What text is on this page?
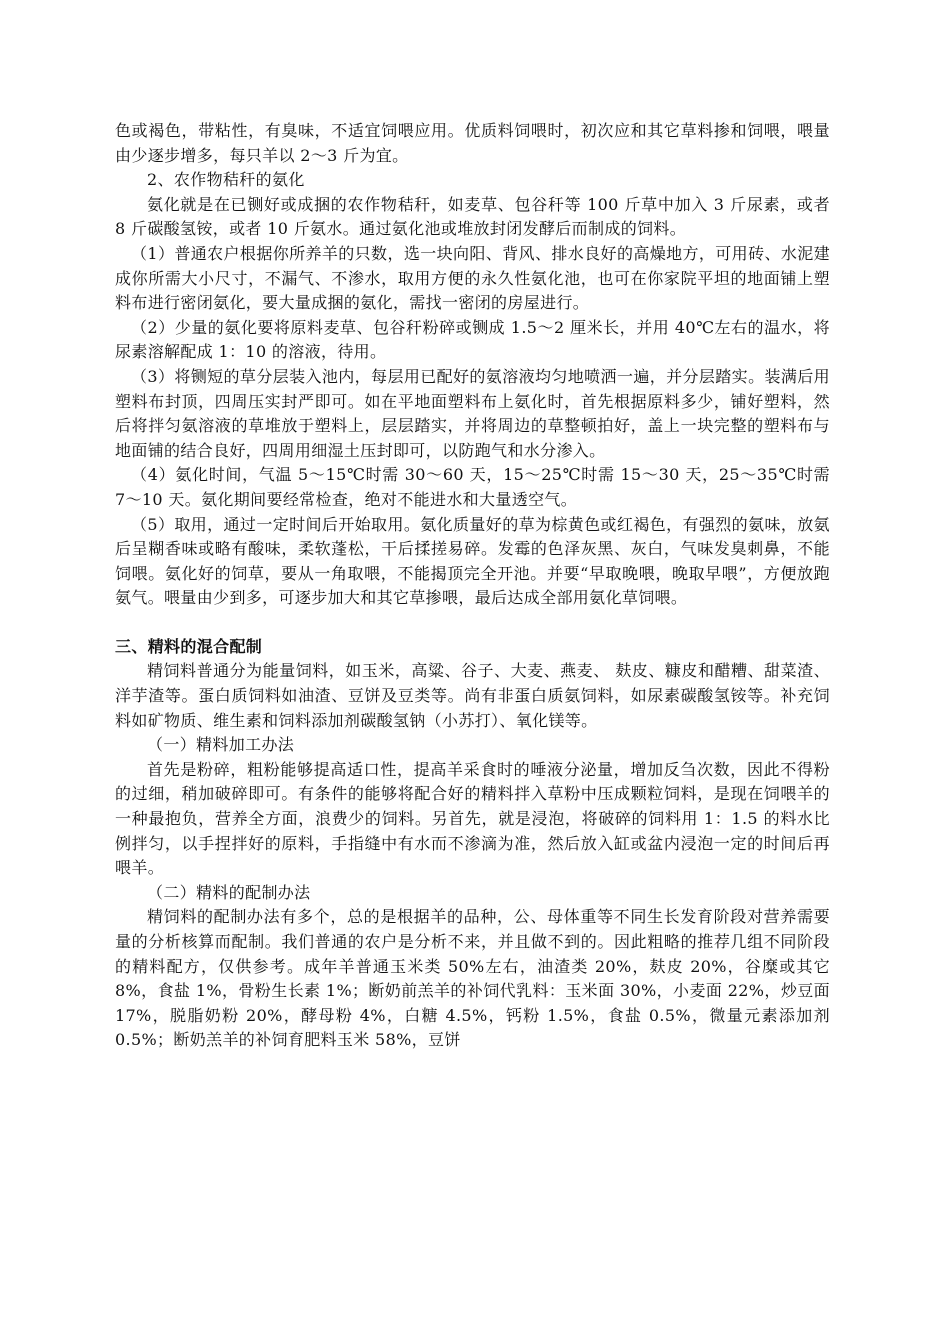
色或褐色，带粘性，有臭味，不适宜饲喂应用。优质料饲喂时，初次应和其它草料掺和饲喂，喂量由少逐步增多，每只羊以 2～3 斤为宜。

2、农作物秸秆的氨化

氨化就是在已铡好或成捆的农作物秸秆，如麦草、包谷秆等 100 斤草中加入 3 斤尿素，或者 8 斤碳酸氢铵，或者 10 斤氨水。通过氨化池或堆放封闭发酵后而制成的饲料。

（1）普通农户根据你所养羊的只数，选一块向阳、背风、排水良好的高燥地方，可用砖、水泥建成你所需大小尺寸，不漏气、不渗水，取用方便的永久性氨化池，也可在你家院平坦的地面铺上塑料布进行密闭氨化，要大量成捆的氨化，需找一密闭的房屋进行。

（2）少量的氨化要将原料麦草、包谷秆粉碎或铡成 1.5～2 厘米长，并用 40℃左右的温水，将尿素溶解配成 1：10 的溶液，待用。

（3）将铡短的草分层装入池内，每层用已配好的氨溶液均匀地喷洒一遍，并分层踏实。装满后用塑料布封顶，四周压实封严即可。如在平地面塑料布上氨化时，首先根据原料多少，铺好塑料，然后将拌匀氨溶液的草堆放于塑料上，层层踏实，并将周边的草整顿拍好，盖上一块完整的塑料布与地面铺的结合良好，四周用细湿土压封即可，以防跑气和水分渗入。

（4）氨化时间，气温 5～15℃时需 30～60 天，15～25℃时需 15～30 天，25～35℃时需 7～10 天。氨化期间要经常检查，绝对不能进水和大量透空气。

（5）取用，通过一定时间后开始取用。氨化质量好的草为棕黄色或红褐色，有强烈的氨味，放氨后呈糊香味或略有酸味，柔软蓬松，干后揉搓易碎。发霉的色泽灰黑、灰白，气味发臭刺鼻，不能饲喂。氨化好的饲草，要从一角取喂，不能揭顶完全开池。并要“早取晚喂，晚取早喂”，方便放跑氨气。喂量由少到多，可逐步加大和其它草掺喂，最后达成全部用氨化草饲喂。

三、精料的混合配制

精饲料普通分为能量饲料，如玉米，高粱、谷子、大麦、燕麦、 麸皮、糠皮和醋糟、甜菜渣、洋芋渣等。蛋白质饲料如油渣、豆饼及豆类等。尚有非蛋白质氨饲料，如尿素碳酸氢铵等。补充饲料如矿物质、维生素和饲料添加剂碳酸氢钠（小苏打）、氧化镁等。

（一）精料加工办法

首先是粉碎，粗粉能够提高适口性，提高羊采食时的唾液分泌量，增加反刍次数，因此不得粉的过细，稍加破碎即可。有条件的能够将配合好的精料拌入草粉中压成颗粒饲料，是现在饲喂羊的一种最抱负，营养全方面，浪费少的饲料。另首先，就是浸泡，将破碎的饲料用 1：1.5 的料水比例拌匀，以手捏拌好的原料，手指缝中有水而不渗滴为准，然后放入缸或盆内浸泡一定的时间后再喂羊。

（二）精料的配制办法

精饲料的配制办法有多个，总的是根据羊的品种，公、母体重等不同生长发育阶段对营养需要量的分析核算而配制。我们普通的农户是分析不来，并且做不到的。因此粗略的推荐几组不同阶段的精料配方，仅供参考。成年羊普通玉米类 50%左右，油渣类 20%，麸皮 20%，谷糜或其它 8%，食盐 1%，骨粉生长素 1%；断奶前羔羊的补饲代乳料：玉米面 30%，小麦面 22%，炒豆面 17%，脱脂奶粉 20%，酵母粉 4%，白糖 4.5%，钙粉 1.5%，食盐 0.5%，微量元素添加剂 0.5%；断奶羔羊的补饲育肥料玉米 58%，豆饼
